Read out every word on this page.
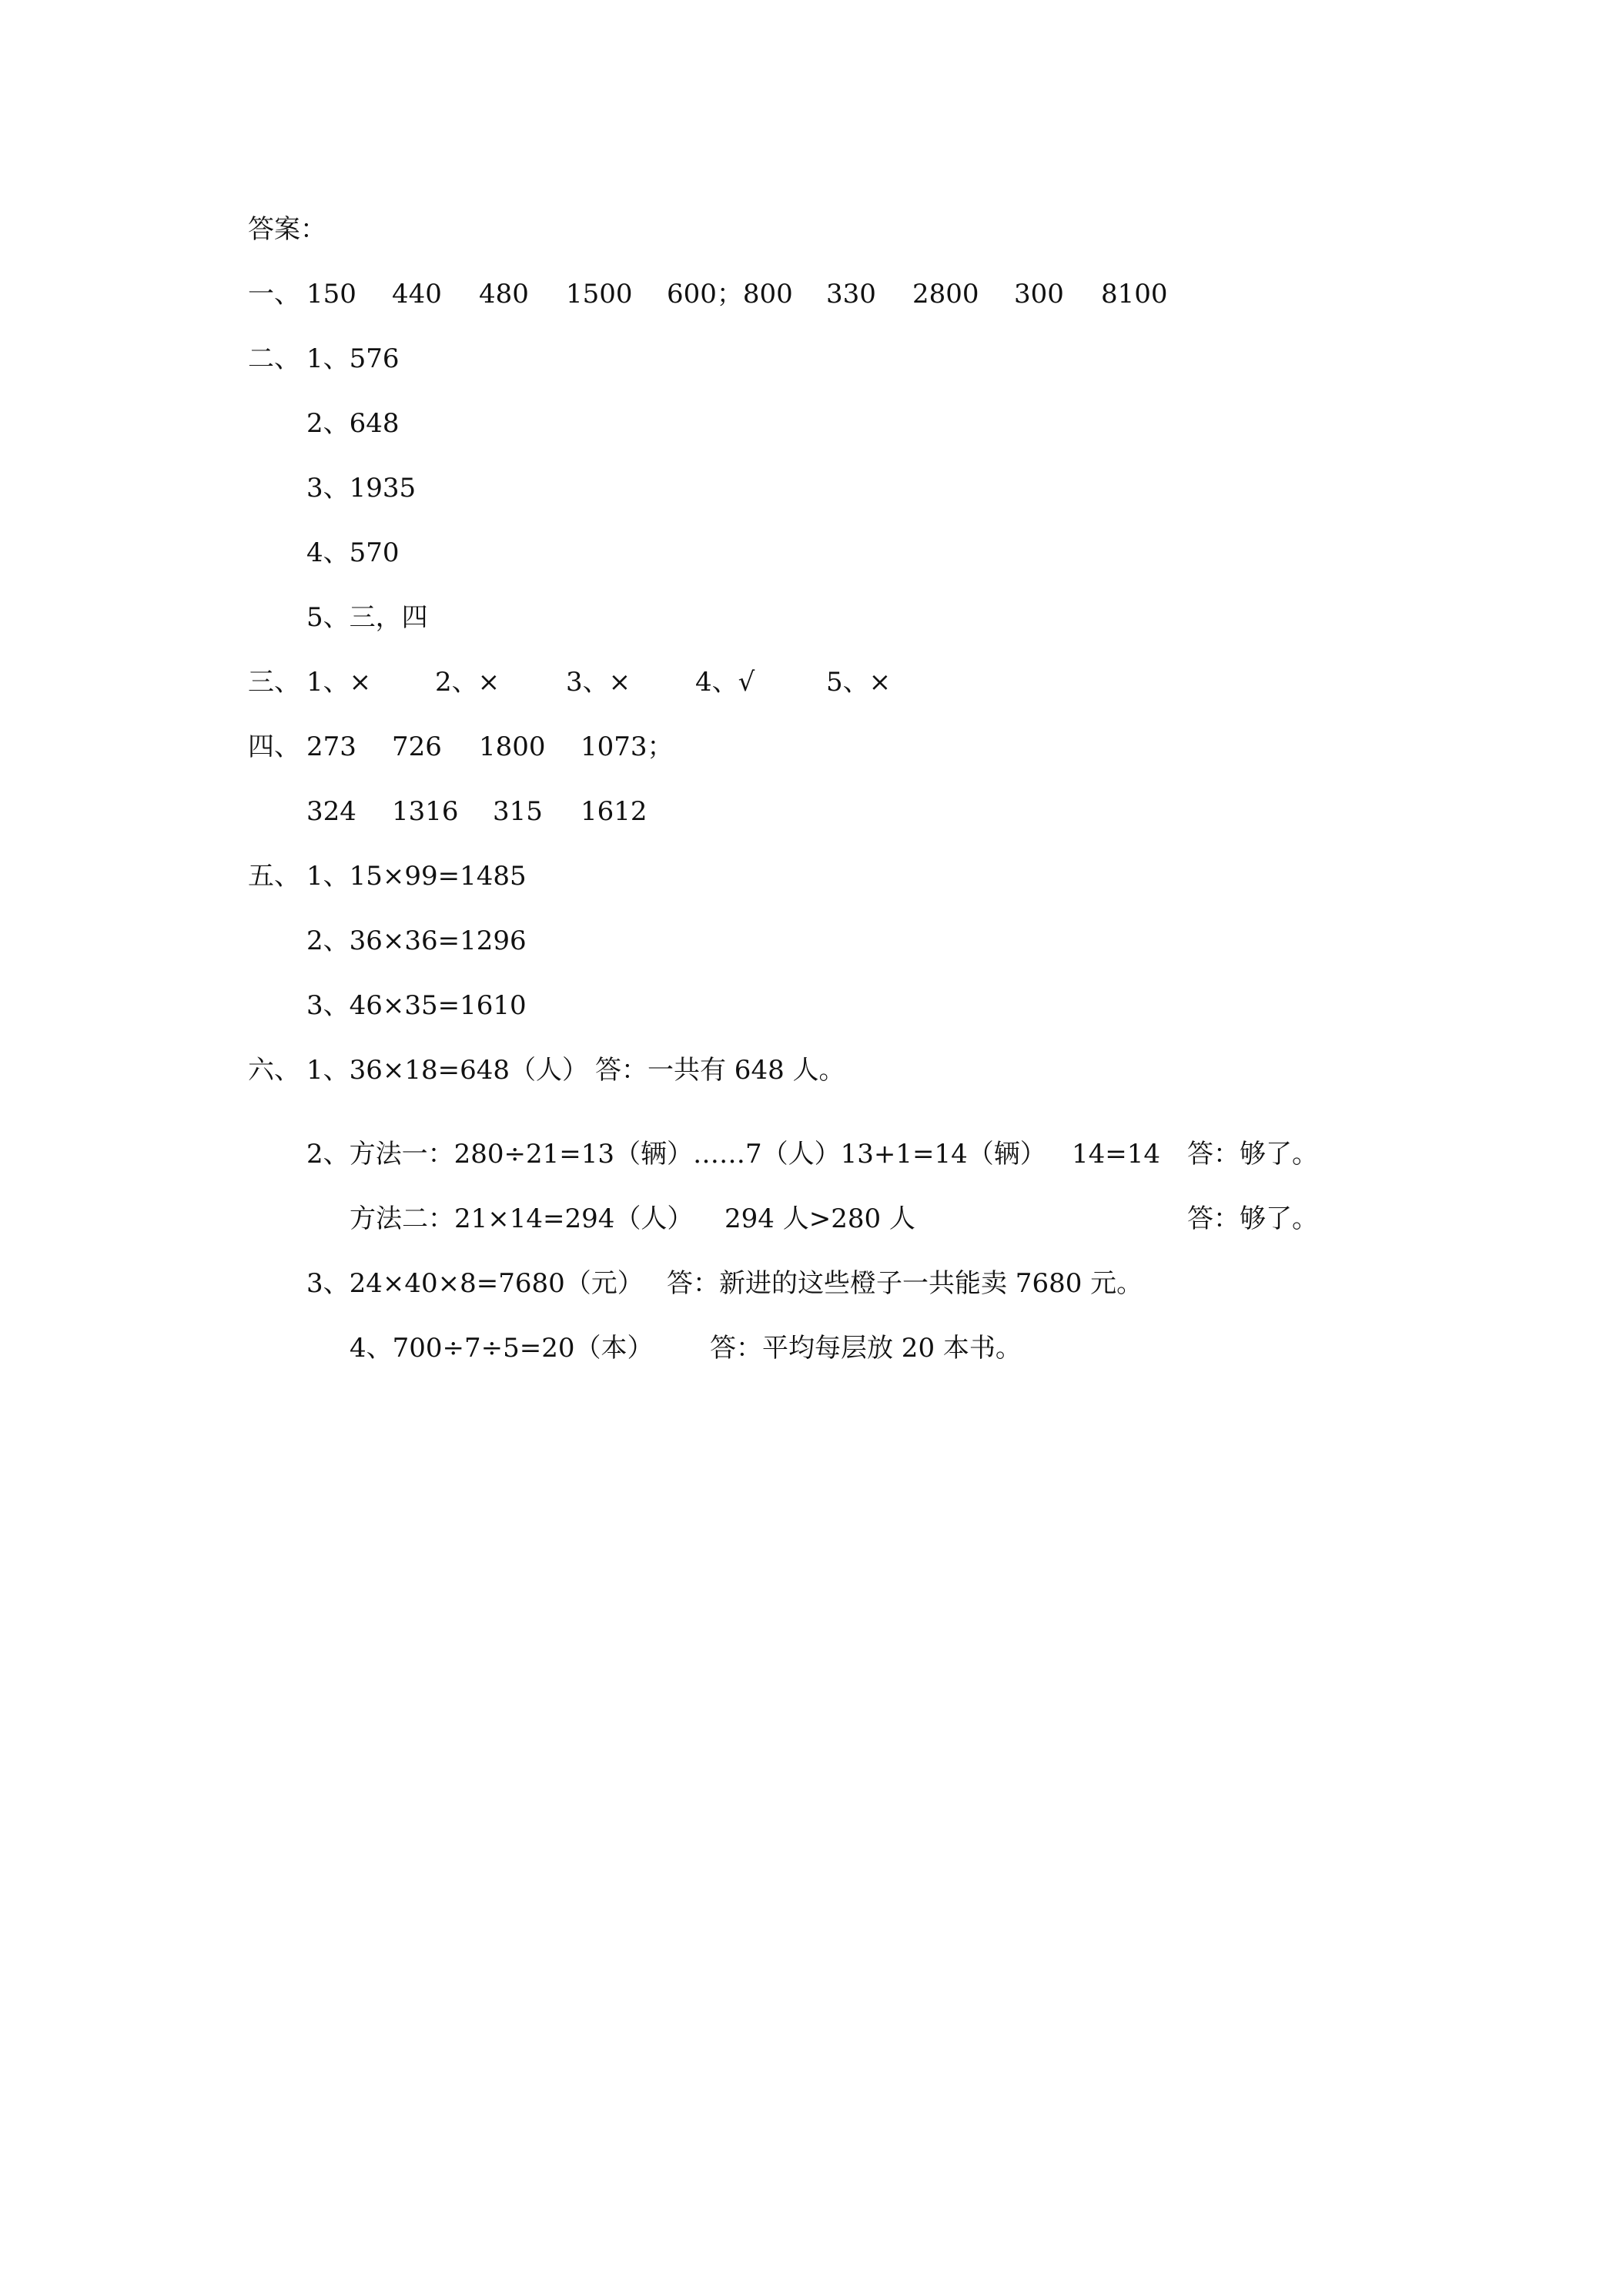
答案：

一、

150

440

480

1500

600；800

330

2800

300

8100

二、

1、576

2、648

3、1935

4、570

5、三，四

三、

1、×

2、×

	3、×

4、√

	5、×

四、

273

726

1800

1073；

324

1316

315

1612

五、

1、15×99=1485

2、36×36=1296

3、46×35=1610

六、

1、36×18=648（人）

答：一共有 648 人。

2、方法一：280÷21=13（辆）……7（人）13+1=14（辆）

14=14

答：够了。

方法二：21×14=294（人）

294 人>280 人

	答：够了。

3、24×40×8=7680（元）

答：新进的这些橙子一共能卖 7680 元。

4、700÷7÷5=20（本）

答：平均每层放 20 本书。
